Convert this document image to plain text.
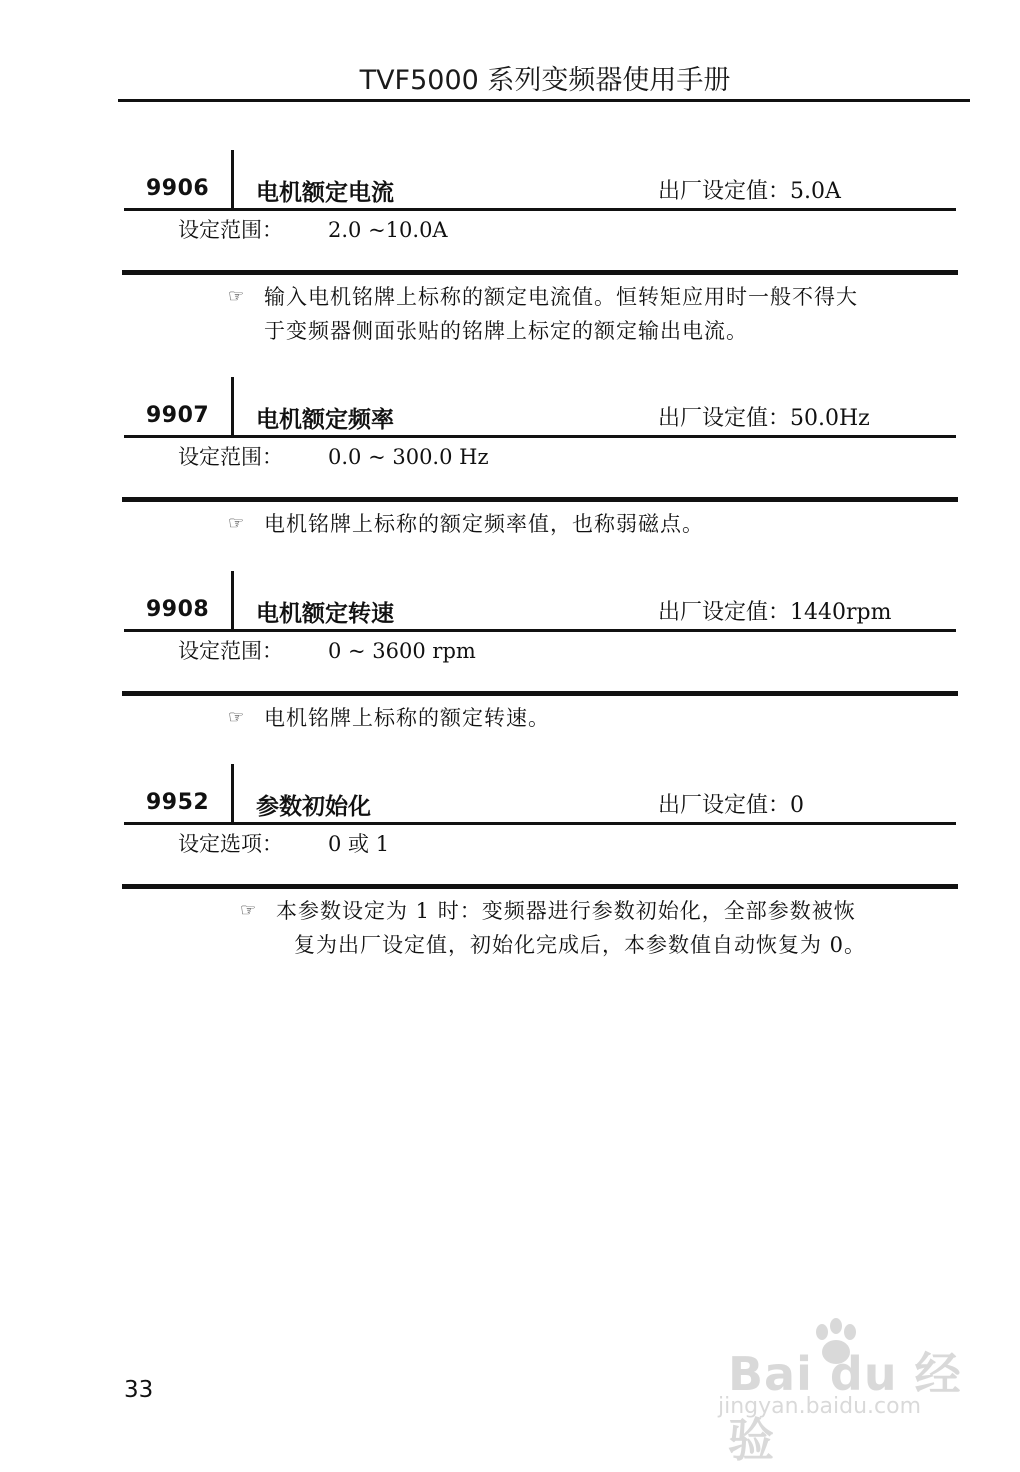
TVF5000 系列变频器使用手册
9906 电机额定电流	出厂设定值：5.0A
设定范围： 2.0 ~10.0A
☞ 输入电机铭牌上标称的额定电流值。恒转矩应用时一般不得大
于变频器侧面张贴的铭牌上标定的额定输出电流。
9907 电机额定频率	出厂设定值：50.0Hz
设定范围： 0.0 ~ 300.0 Hz
☞ 电机铭牌上标称的额定频率值，也称弱磁点。
9908 电机额定转速	出厂设定值：1440rpm
设定范围： 0 ~ 3600 rpm
☞ 电机铭牌上标称的额定转速。
9952 参数初始化	出厂设定值：0
设定选项： 0 或 1
☞ 本参数设定为 1 时：变频器进行参数初始化，全部参数被恢
复为出厂设定值，初始化完成后，本参数值自动恢复为 0。
33	Bai du 经验
jingyan.baidu.com
